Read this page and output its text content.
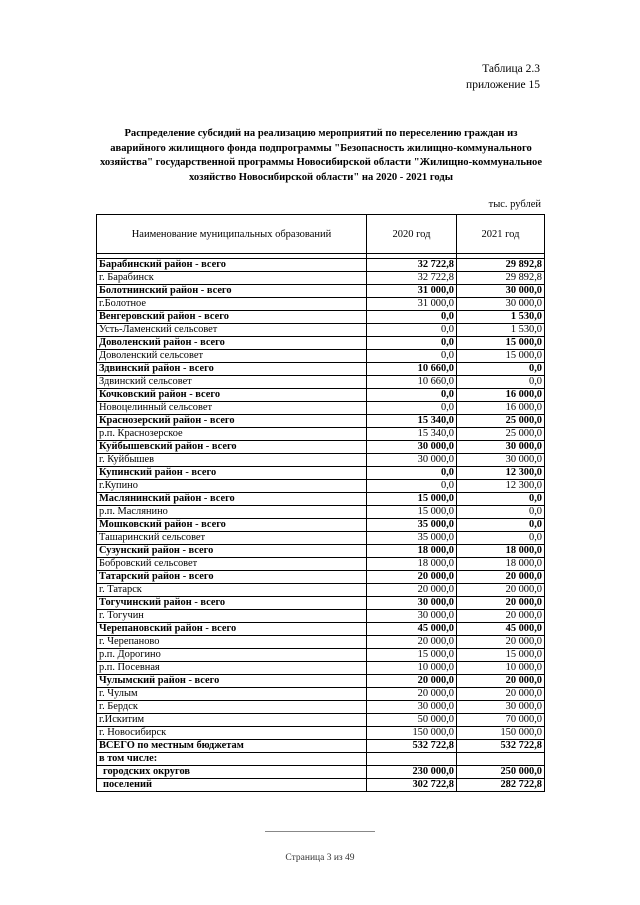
Таблица 2.3
приложение 15
Распределение субсидий на реализацию мероприятий по переселению граждан из аварийного жилищного фонда подпрограммы "Безопасность жилищно-коммунального хозяйства" государственной программы Новосибирской области "Жилищно-коммунальное хозяйство Новосибирской области" на 2020 - 2021 годы
тыс. рублей
Наименование муниципальных образований	2020 год	2021 год

Барабинский район - всего	32 722,8	29 892,8
г. Барабинск	32 722,8	29 892,8
Болотнинский район - всего	31 000,0	30 000,0
г.Болотное	31 000,0	30 000,0
Венгеровский район - всего	0,0	1 530,0
Усть-Ламенский сельсовет	0,0	1 530,0
Доволенский район - всего	0,0	15 000,0
Доволенский сельсовет	0,0	15 000,0
Здвинский район - всего	10 660,0	0,0
Здвинский сельсовет	10 660,0	0,0
Кочковский район - всего	0,0	16 000,0
Новоцелинный сельсовет	0,0	16 000,0
Краснозерский район - всего	15 340,0	25 000,0
р.п. Краснозерское	15 340,0	25 000,0
Куйбышевский район - всего	30 000,0	30 000,0
г. Куйбышев	30 000,0	30 000,0
Купинский район - всего	0,0	12 300,0
г.Купино	0,0	12 300,0
Маслянинский район - всего	15 000,0	0,0
р.п. Маслянино	15 000,0	0,0
Мошковский район - всего	35 000,0	0,0
Ташаринский сельсовет	35 000,0	0,0
Сузунский район - всего	18 000,0	18 000,0
Бобровский сельсовет	18 000,0	18 000,0
Татарский район - всего	20 000,0	20 000,0
г. Татарск	20 000,0	20 000,0
Тогучинский район - всего	30 000,0	20 000,0
г. Тогучин	30 000,0	20 000,0
Черепановский район - всего	45 000,0	45 000,0
г. Черепаново	20 000,0	20 000,0
р.п. Дорогино	15 000,0	15 000,0
р.п. Посевная	10 000,0	10 000,0
Чулымский район - всего	20 000,0	20 000,0
г. Чулым	20 000,0	20 000,0
г. Бердск	30 000,0	30 000,0
г.Искитим	50 000,0	70 000,0
г. Новосибирск	150 000,0	150 000,0
ВСЕГО по местным бюджетам	532 722,8	532 722,8
в том числе:		
городских округов	230 000,0	250 000,0
поселений	302 722,8	282 722,8
Страница 3 из 49
